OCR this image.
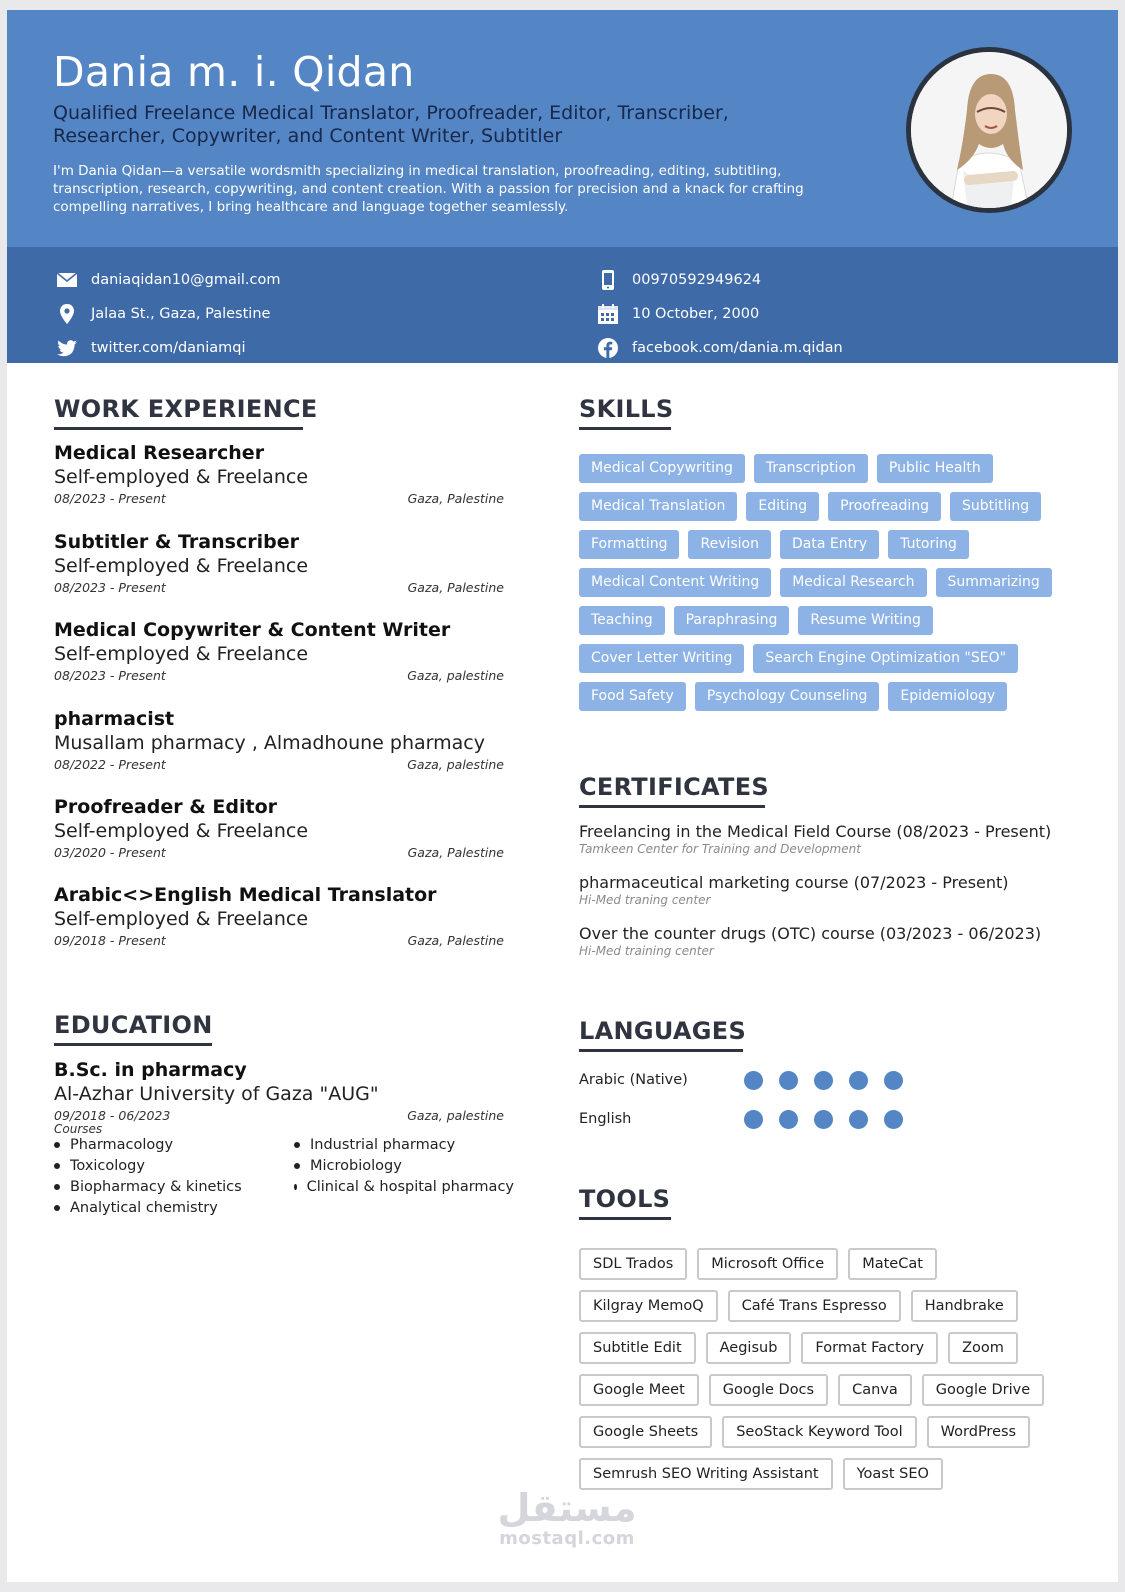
Dania m. i. Qidan
Qualified Freelance Medical Translator, Proofreader, Editor, Transcriber, Researcher, Copywriter, and Content Writer, Subtitler
I'm Dania Qidan—a versatile wordsmith specializing in medical translation, proofreading, editing, subtitling, transcription, research, copywriting, and content creation. With a passion for precision and a knack for crafting compelling narratives, I bring healthcare and language together seamlessly.
daniaqidan10@gmail.com	00970592949624
Jalaa St., Gaza, Palestine	10 October, 2000
twitter.com/daniamqi	facebook.com/dania.m.qidan
WORK EXPERIENCE
Medical Researcher
Self-employed & Freelance
08/2023 - Present	Gaza, Palestine
Subtitler & Transcriber
Self-employed & Freelance
08/2023 - Present	Gaza, Palestine
Medical Copywriter & Content Writer
Self-employed & Freelance
08/2023 - Present	Gaza, palestine
pharmacist
Musallam pharmacy , Almadhoune pharmacy
08/2022 - Present	Gaza, palestine
Proofreader & Editor
Self-employed & Freelance
03/2020 - Present	Gaza, Palestine
Arabic<>English Medical Translator
Self-employed & Freelance
09/2018 - Present	Gaza, Palestine
EDUCATION
B.Sc. in pharmacy
Al-Azhar University of Gaza "AUG"
09/2018 - 06/2023	Gaza, palestine
Courses
Pharmacology	Industrial pharmacy
Toxicology	Microbiology
Biopharmacy & kinetics	Clinical & hospital pharmacy
Analytical chemistry
SKILLS
Medical Copywriting	Transcription	Public Health
Medical Translation	Editing	Proofreading	Subtitling
Formatting	Revision	Data Entry	Tutoring
Medical Content Writing	Medical Research	Summarizing
Teaching	Paraphrasing	Resume Writing
Cover Letter Writing	Search Engine Optimization "SEO"
Food Safety	Psychology Counseling	Epidemiology
CERTIFICATES
Freelancing in the Medical Field Course (08/2023 - Present)
Tamkeen Center for Training and Development
pharmaceutical marketing course (07/2023 - Present)
Hi-Med traning center
Over the counter drugs (OTC) course (03/2023 - 06/2023)
Hi-Med training center
LANGUAGES
Arabic (Native)
English
TOOLS
SDL Trados	Microsoft Office	MateCat
Kilgray MemoQ	Café Trans Espresso	Handbrake
Subtitle Edit	Aegisub	Format Factory	Zoom
Google Meet	Google Docs	Canva	Google Drive
Google Sheets	SeoStack Keyword Tool	WordPress
Semrush SEO Writing Assistant	Yoast SEO
مستقل
mostaql.com
